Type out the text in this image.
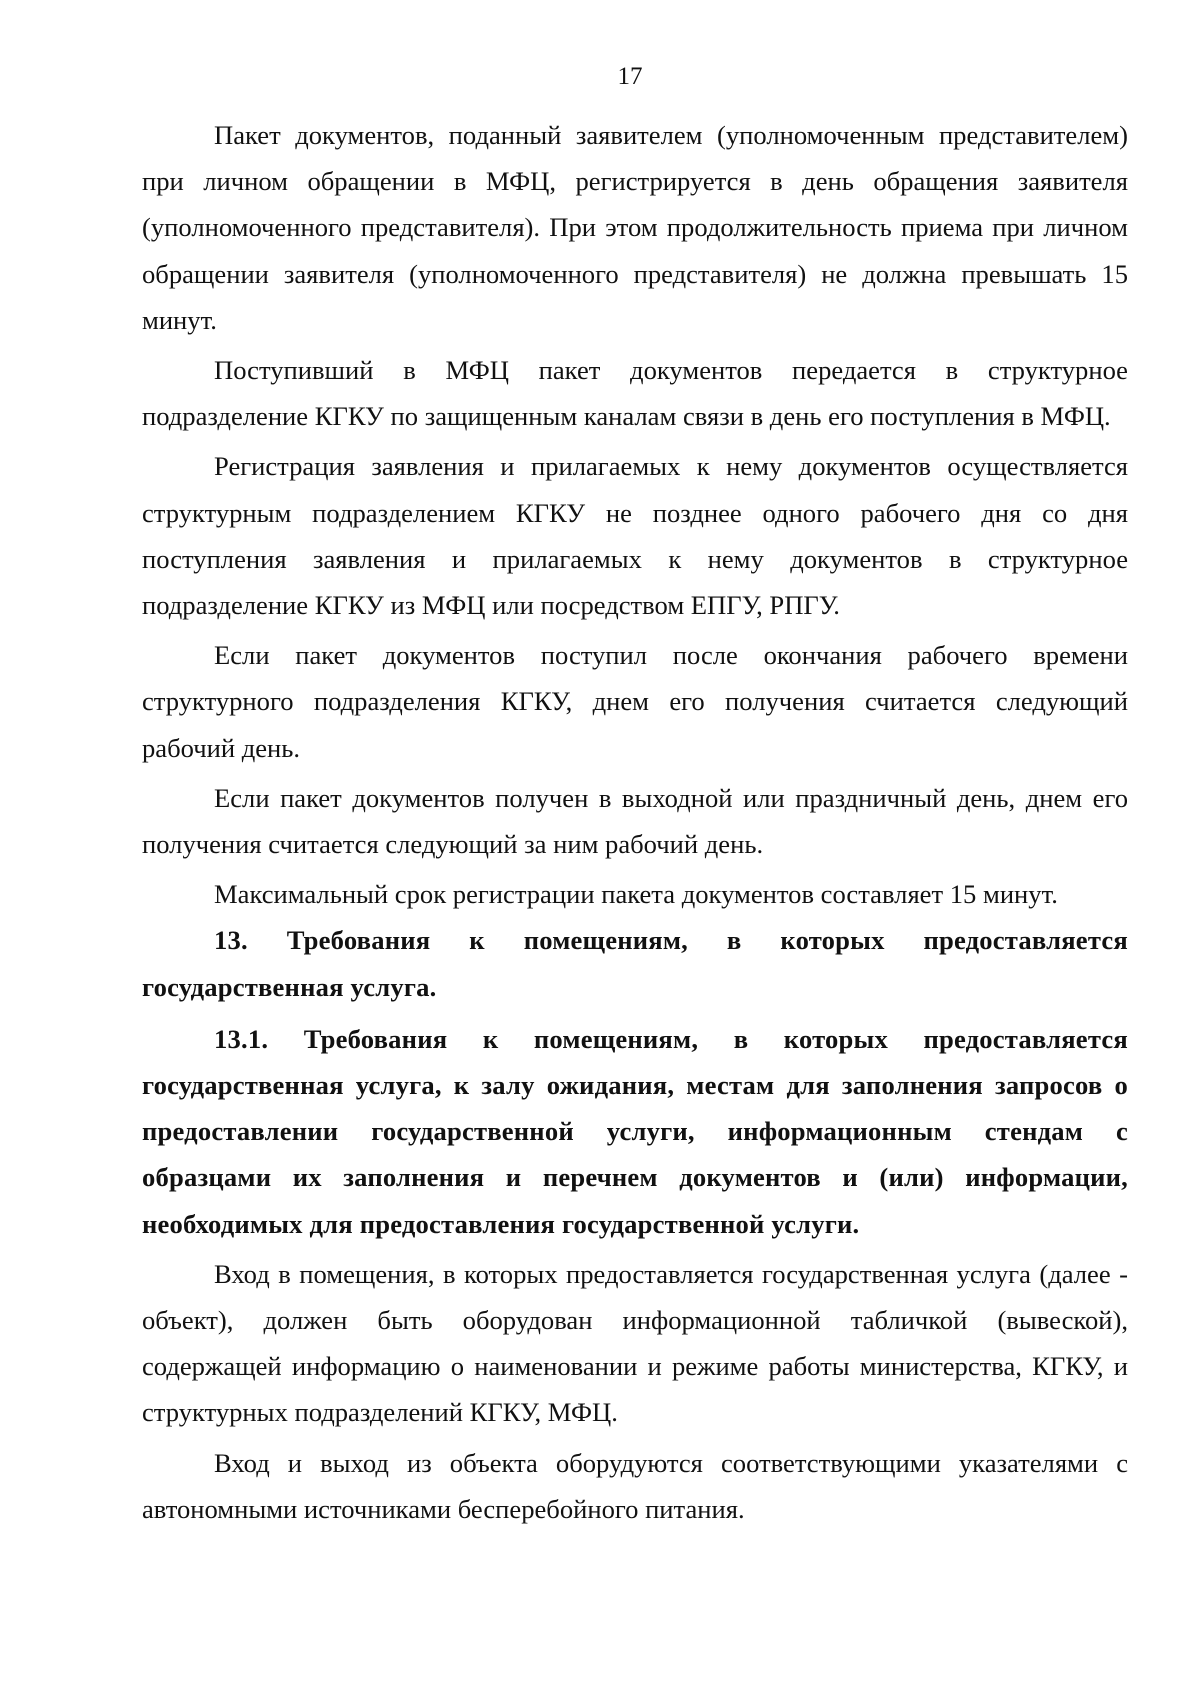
17

Пакет документов, поданный заявителем (уполномоченным представителем) при личном обращении в МФЦ, регистрируется в день обращения заявителя (уполномоченного представителя). При этом продолжительность приема при личном обращении заявителя (уполномоченного представителя) не должна превышать 15 минут.

Поступивший в МФЦ пакет документов передается в структурное подразделение КГКУ по защищенным каналам связи в день его поступления в МФЦ.

Регистрация заявления и прилагаемых к нему документов осуществляется структурным подразделением КГКУ не позднее одного рабочего дня со дня поступления заявления и прилагаемых к нему документов в структурное подразделение КГКУ из МФЦ или посредством ЕПГУ, РПГУ.

Если пакет документов поступил после окончания рабочего времени структурного подразделения КГКУ, днем его получения считается следующий рабочий день.

Если пакет документов получен в выходной или праздничный день, днем его получения считается следующий за ним рабочий день.

Максимальный срок регистрации пакета документов составляет 15 минут.

13. Требования к помещениям, в которых предоставляется государственная услуга.

13.1. Требования к помещениям, в которых предоставляется государственная услуга, к залу ожидания, местам для заполнения запросов о предоставлении государственной услуги, информационным стендам с образцами их заполнения и перечнем документов и (или) информации, необходимых для предоставления государственной услуги.

Вход в помещения, в которых предоставляется государственная услуга (далее - объект), должен быть оборудован информационной табличкой (вывеской), содержащей информацию о наименовании и режиме работы министерства, КГКУ, и структурных подразделений КГКУ, МФЦ.

Вход и выход из объекта оборудуются соответствующими указателями с автономными источниками бесперебойного питания.
